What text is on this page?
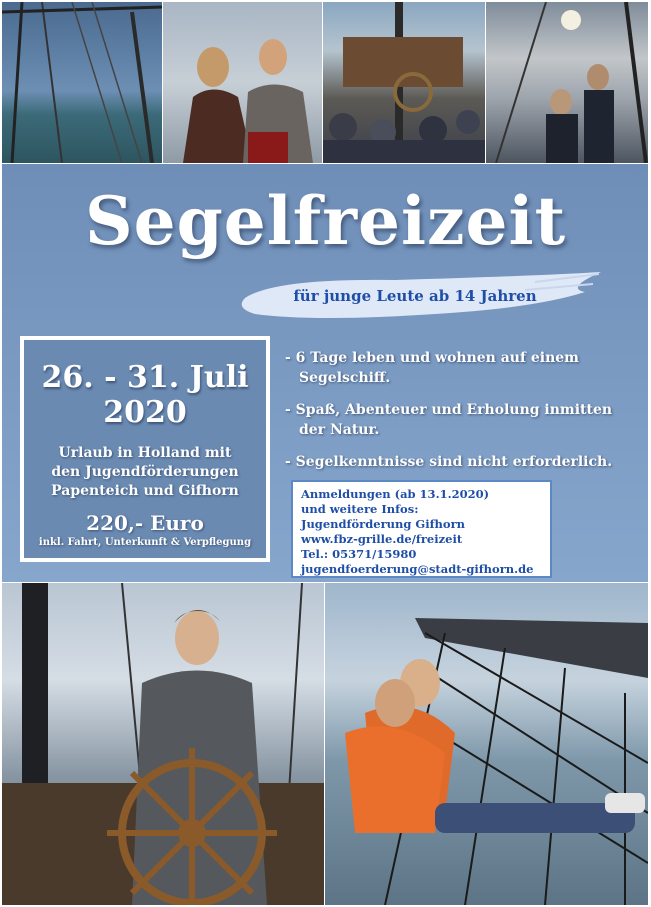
Segelfreizeit
für junge Leute ab 14 Jahren
26. - 31. Juli 2020
Urlaub in Holland mit
den Jugendförderungen
Papenteich und Gifhorn
220,- Euro
inkl. Fahrt, Unterkunft & Verpflegung
- 6 Tage leben und wohnen auf einem Segelschiff.
- Spaß, Abenteuer und Erholung inmitten der Natur.
- Segelkenntnisse sind nicht erforderlich.
Anmeldungen (ab 13.1.2020)
und weitere Infos:
Jugendförderung Gifhorn
www.fbz-grille.de/freizeit
Tel.: 05371/15980
jugendfoerderung@stadt-gifhorn.de
